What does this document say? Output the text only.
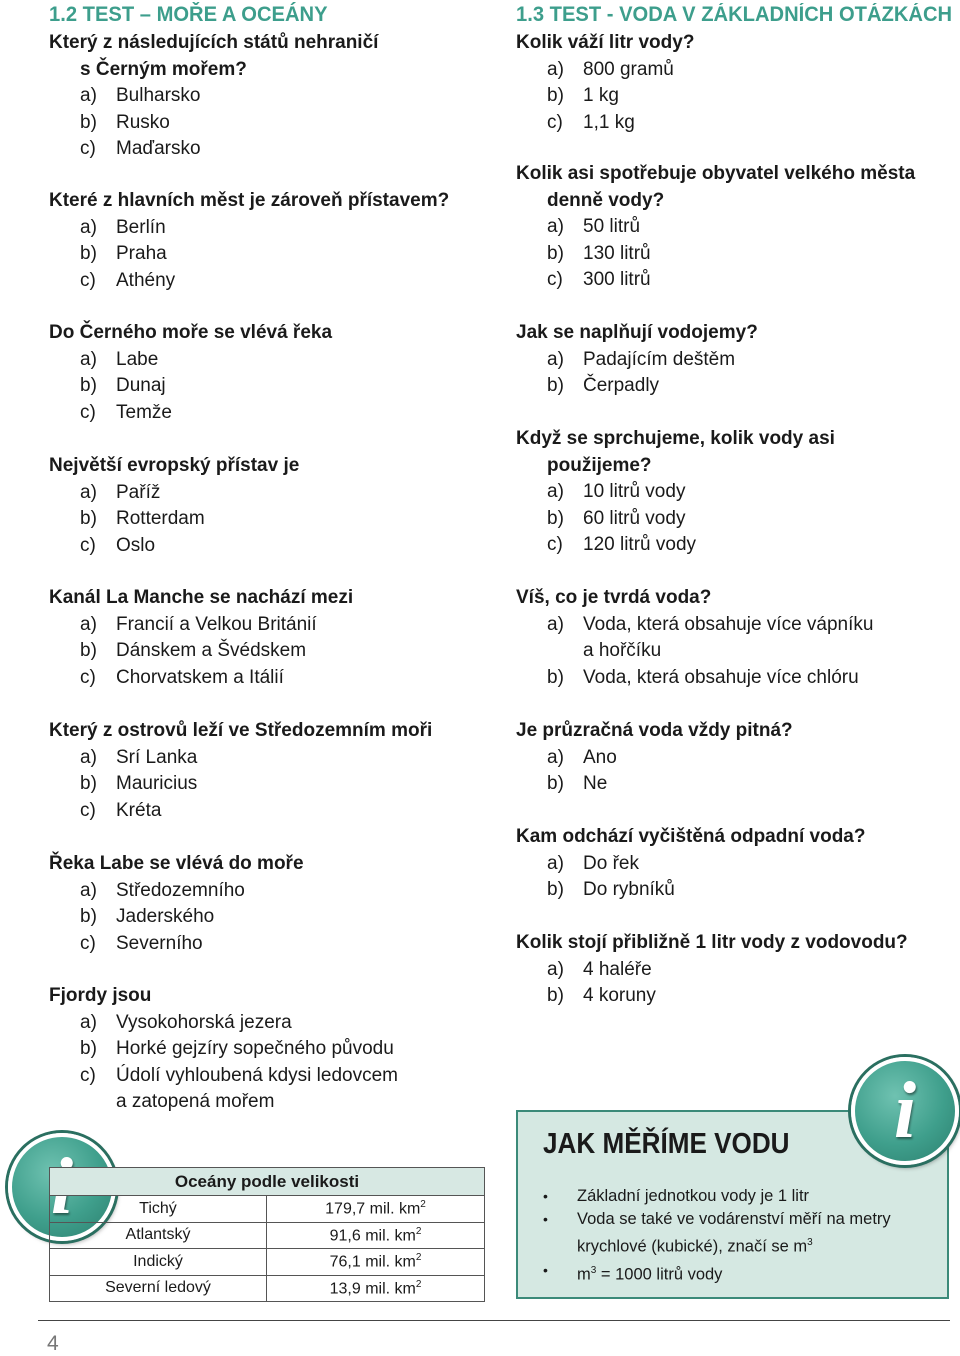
1.2 TEST – MOŘE A OCEÁNY

Který z následujících států nehraničí
s Černým mořem?

a)	Bulharsko
b)	Rusko
c)	Maďarsko

Které z hlavních měst je zároveň přístavem?

a)	Berlín
b)	Praha
c)	Athény

Do Černého moře se vlévá řeka

a)	Labe
b)	Dunaj
c)	Temže

Největší evropský přístav je

a)	Paříž
b)	Rotterdam
c)	Oslo

Kanál La Manche se nachází mezi

a)	Francií a Velkou Británií
b)	Dánskem a Švédskem
c)	Chorvatskem a Itálií

Který z ostrovů leží ve Středozemním moři

a)	Srí Lanka
b)	Mauricius
c)	Kréta

Řeka Labe se vlévá do moře

a)	Středozemního
b)	Jaderského
c)	Severního

Fjordy jsou

a)	Vysokohorská jezera
b)	Horké gejzíry sopečného původu
c)	Údolí vyhloubená kdysi ledovcem
a zatopená mořem
1.3 TEST - VODA V ZÁKLADNÍCH OTÁZKÁCH

Kolik váží litr vody?

a)	800 gramů
b)	1 kg
c)	1,1 kg

Kolik asi spotřebuje obyvatel velkého města
denně vody?

a)	50 litrů
b)	130 litrů
c)	300 litrů

Jak se naplňují vodojemy?

a)	Padajícím deštěm
b)	Čerpadly

Když se sprchujeme, kolik vody asi
použijeme?

a)	10 litrů vody
b)	60 litrů vody
c)	120 litrů vody

Víš, co je tvrdá voda?

a)	Voda, která obsahuje více vápníku
a hořčíku
b)	Voda, která obsahuje více chlóru

Je průzračná voda vždy pitná?

a)	Ano
b)	Ne

Kam odchází vyčištěná odpadní voda?

a)	Do řek
b)	Do rybníků

Kolik stojí přibližně 1 litr vody z vodovodu?

a)	4 haléře
b)	4 koruny
Oceány podle velikosti	
Tichý	179,7 mil. $km^2$
Atlantský	91,6 mil. $km^2$
Indický	76,1 mil. $km^2$
Severní ledový	13,9 mil. $km^2$
JAK MĚŘÍME VODU
•	Základní jednotkou vody je 1 litr
•	Voda se také ve vodárenství měří na metry
krychlové (kubické), značí se $m^3$
•	$m^3 = 1000$ litrů vody
i
4
